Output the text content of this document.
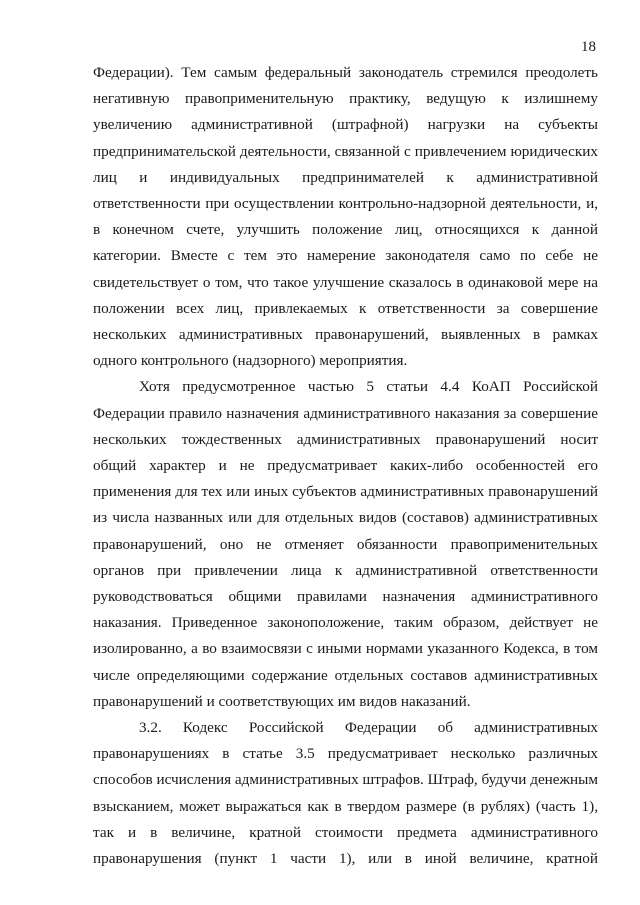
18
Федерации). Тем самым федеральный законодатель стремился преодолеть
негативную правоприменительную практику, ведущую к излишнему
увеличению административной (штрафной) нагрузки на субъекты
предпринимательской деятельности, связанной с привлечением юридических
лиц и индивидуальных предпринимателей к административной
ответственности при осуществлении контрольно-надзорной деятельности, и,
в конечном счете, улучшить положение лиц, относящихся к данной
категории. Вместе с тем это намерение законодателя само по себе не
свидетельствует о том, что такое улучшение сказалось в одинаковой мере на
положении всех лиц, привлекаемых к ответственности за совершение
нескольких административных правонарушений, выявленных в рамках
одного контрольного (надзорного) мероприятия.
Хотя предусмотренное частью 5 статьи 4.4 КоАП Российской
Федерации правило назначения административного наказания за совершение
нескольких тождественных административных правонарушений носит
общий характер и не предусматривает каких-либо особенностей его
применения для тех или иных субъектов административных правонарушений
из числа названных или для отдельных видов (составов) административных
правонарушений, оно не отменяет обязанности правоприменительных
органов при привлечении лица к административной ответственности
руководствоваться общими правилами назначения административного
наказания. Приведенное законоположение, таким образом, действует не
изолированно, а во взаимосвязи с иными нормами указанного Кодекса, в том
числе определяющими содержание отдельных составов административных
правонарушений и соответствующих им видов наказаний.
3.2. Кодекс Российской Федерации об административных
правонарушениях в статье 3.5 предусматривает несколько различных
способов исчисления административных штрафов. Штраф, будучи денежным
взысканием, может выражаться как в твердом размере (в рублях) (часть 1),
так и в величине, кратной стоимости предмета административного
правонарушения (пункт 1 части 1), или в иной величине, кратной
